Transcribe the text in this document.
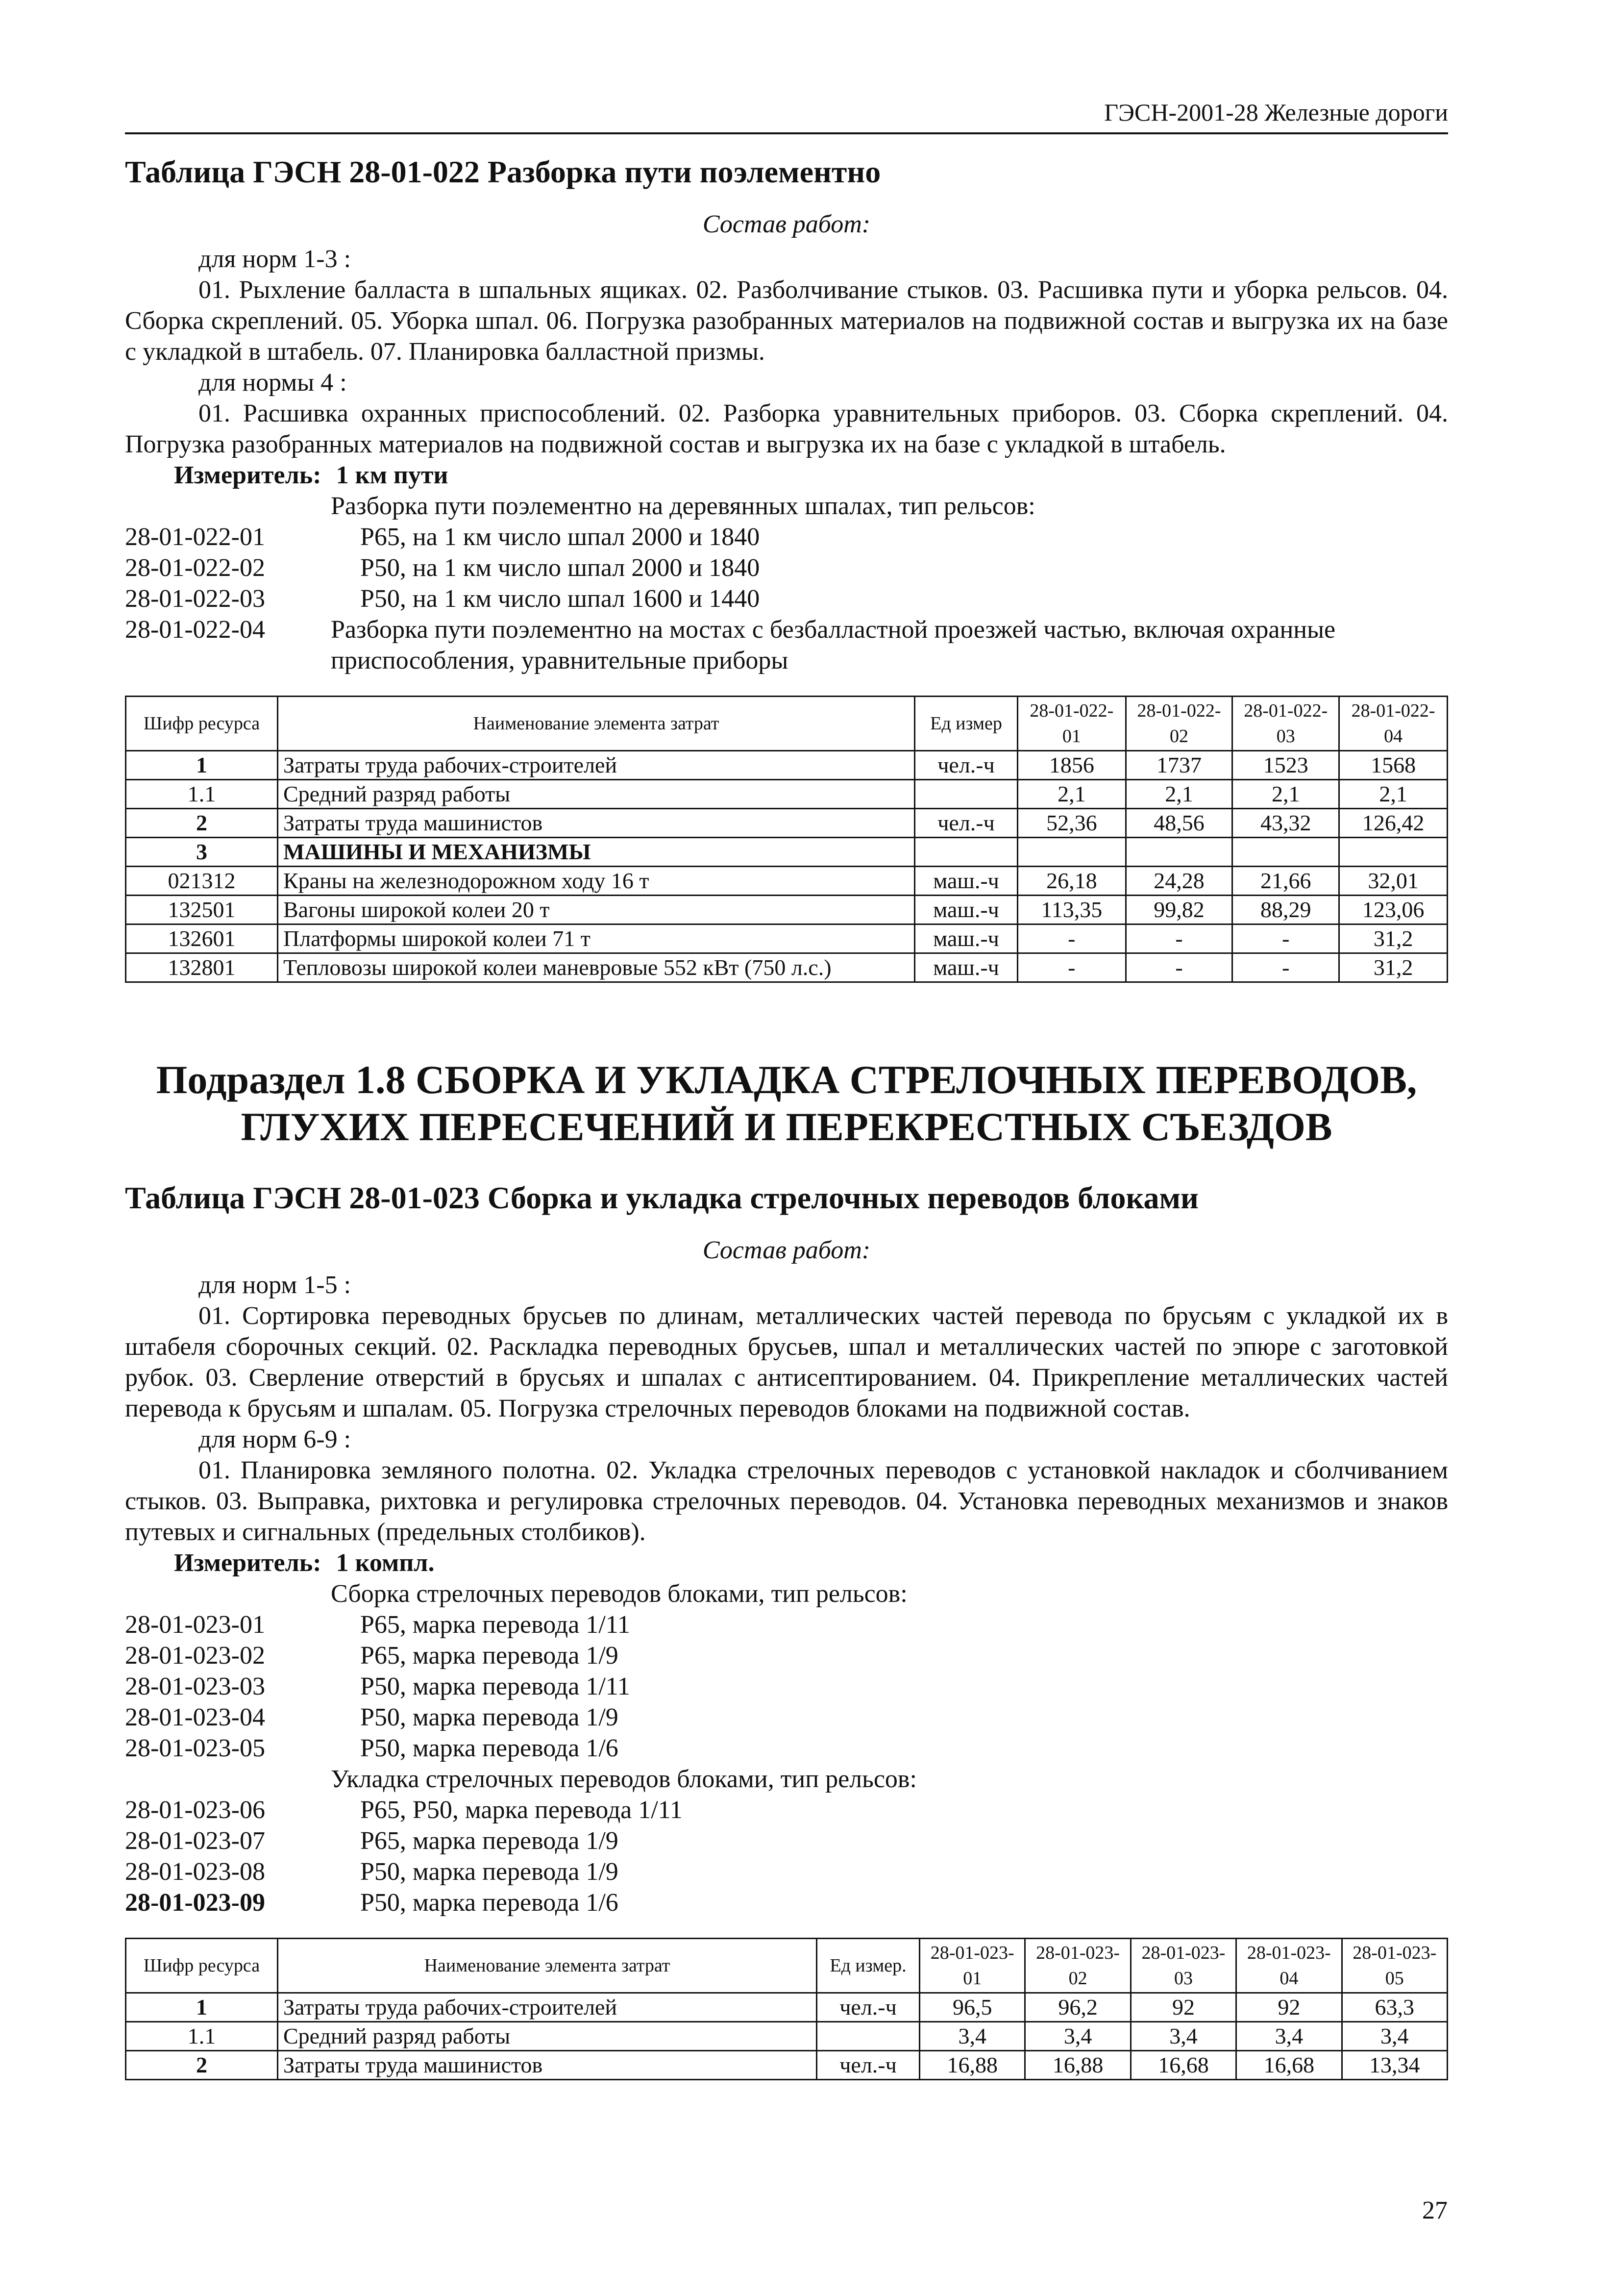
ГЭСН-2001-28 Железные дороги
Таблица ГЭСН 28-01-022 Разборка пути поэлементно
Состав работ:
для норм 1-3 :
01. Рыхление балласта в шпальных ящиках. 02. Разболчивание стыков. 03. Расшивка пути и уборка рельсов. 04. Сборка скреплений. 05. Уборка шпал. 06. Погрузка разобранных материалов на подвижной состав и выгрузка их на базе с укладкой в штабель. 07. Планировка балластной призмы.
для нормы 4 :
01. Расшивка охранных приспособлений. 02. Разборка уравнительных приборов. 03. Сборка скреплений. 04. Погрузка разобранных материалов на подвижной состав и выгрузка их на базе с укладкой в штабель.
Измеритель: 1 км пути
Разборка пути поэлементно на деревянных шпалах, тип рельсов:
28-01-022-01	Р65, на 1 км число шпал 2000 и 1840
28-01-022-02	Р50, на 1 км число шпал 2000 и 1840
28-01-022-03	Р50, на 1 км число шпал 1600 и 1440
28-01-022-04	Разборка пути поэлементно на мостах с безбалластной проезжей частью, включая охранные приспособления, уравнительные приборы
Шифр ресурса	Наименование элемента затрат	Ед измер	28-01-022-01	28-01-022-02	28-01-022-03	28-01-022-04
1	Затраты труда рабочих-строителей	чел.-ч	1856	1737	1523	1568
1.1	Средний разряд работы		2,1	2,1	2,1	2,1
2	Затраты труда машинистов	чел.-ч	52,36	48,56	43,32	126,42
3	МАШИНЫ И МЕХАНИЗМЫ					
021312	Краны на железнодорожном ходу 16 т	маш.-ч	26,18	24,28	21,66	32,01
132501	Вагоны широкой колеи 20 т	маш.-ч	113,35	99,82	88,29	123,06
132601	Платформы широкой колеи 71 т	маш.-ч	-	-	-	31,2
132801	Тепловозы широкой колеи маневровые 552 кВт (750 л.с.)	маш.-ч	-	-	-	31,2
Подраздел 1.8 СБОРКА И УКЛАДКА СТРЕЛОЧНЫХ ПЕРЕВОДОВ,
ГЛУХИХ ПЕРЕСЕЧЕНИЙ И ПЕРЕКРЕСТНЫХ СЪЕЗДОВ
Таблица ГЭСН 28-01-023 Сборка и укладка стрелочных переводов блоками
Состав работ:
для норм 1-5 :
01. Сортировка переводных брусьев по длинам, металлических частей перевода по брусьям с укладкой их в штабеля сборочных секций. 02. Раскладка переводных брусьев, шпал и металлических частей по эпюре с заготовкой рубок. 03. Сверление отверстий в брусьях и шпалах с антисептированием. 04. Прикрепление металлических частей перевода к брусьям и шпалам. 05. Погрузка стрелочных переводов блоками на подвижной состав.
для норм 6-9 :
01. Планировка земляного полотна. 02. Укладка стрелочных переводов с установкой накладок и сболчиванием стыков. 03. Выправка, рихтовка и регулировка стрелочных переводов. 04. Установка переводных механизмов и знаков путевых и сигнальных (предельных столбиков).
Измеритель: 1 компл.
Сборка стрелочных переводов блоками, тип рельсов:
28-01-023-01	Р65, марка перевода 1/11
28-01-023-02	Р65, марка перевода 1/9
28-01-023-03	Р50, марка перевода 1/11
28-01-023-04	Р50, марка перевода 1/9
28-01-023-05	Р50, марка перевода 1/6
Укладка стрелочных переводов блоками, тип рельсов:
28-01-023-06	Р65, Р50, марка перевода 1/11
28-01-023-07	Р65, марка перевода 1/9
28-01-023-08	Р50, марка перевода 1/9
28-01-023-09	Р50, марка перевода 1/6
Шифр ресурса	Наименование элемента затрат	Ед измер.	28-01-023-01	28-01-023-02	28-01-023-03	28-01-023-04	28-01-023-05
1	Затраты труда рабочих-строителей	чел.-ч	96,5	96,2	92	92	63,3
1.1	Средний разряд работы		3,4	3,4	3,4	3,4	3,4
2	Затраты труда машинистов	чел.-ч	16,88	16,88	16,68	16,68	13,34
27
